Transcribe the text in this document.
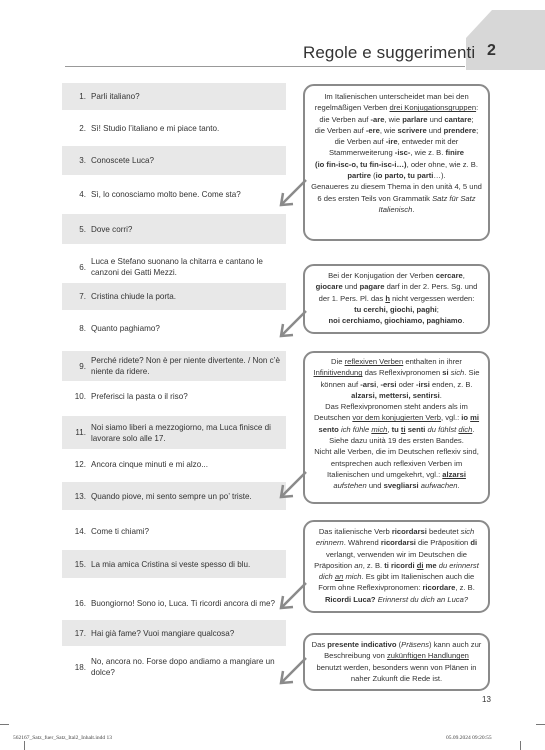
2
Regole e suggerimenti
1. Parli italiano?
2. Sì! Studio l’italiano e mi piace tanto.
3. Conoscete Luca?
4. Sì, lo conosciamo molto bene. Come sta?
5. Dove corri?
6.
Luca e Stefano suonano la chitarra e cantano le canzoni dei Gatti Mezzi.
7. Cristina chiude la porta.
8. Quanto paghiamo?
9.
Perché ridete? Non è per niente divertente. / Non c’è niente da ridere.
10. Preferisci la pasta o il riso?
11.
Noi siamo liberi a mezzogiorno, ma Luca finisce di lavorare solo alle 17.
12. Ancora cinque minuti e mi alzo...
13. Quando piove, mi sento sempre un po’ triste.
14. Come ti chiami?
15. La mia amica Cristina si veste spesso di blu.
16. Buongiorno! Sono io, Luca. Ti ricordi ancora di me?
17. Hai già fame? Vuoi mangiare qualcosa?
18.
No, ancora no. Forse dopo andiamo a mangiare un dolce?
Im Italienischen unterscheidet man bei den regelmäßigen Verben drei Konjugationsgruppen:
die Verben auf -are, wie parlare und cantare;
die Verben auf -ere, wie scrivere und prendere;
die Verben auf -ire, entweder mit der Stammerweiterung -isc-, wie z. B. finire
(io fin-isc-o, tu fin-isc-i…), oder ohne, wie z. B.
partire (io parto, tu parti…).
Genaueres zu diesem Thema in den unità 4, 5 und 6 des ersten Teils von Grammatik Satz für Satz Italienisch.
Bei der Konjugation der Verben cercare,
giocare und pagare darf in der 2. Pers. Sg. und der 1. Pers. Pl. das h nicht vergessen werden:
tu cerchi, giochi, paghi;
noi cerchiamo, giochiamo, paghiamo.
Die reflexiven Verben enthalten in ihrer Infinitivendung das Reflexivpronomen si sich. Sie können auf -arsi, -ersi oder -irsi enden, z. B. alzarsi, mettersi, sentirsi.
Das Reflexivpronomen steht anders als im Deutschen vor dem konjugierten Verb, vgl.: io mi sento ich fühle mich, tu ti senti du fühlst dich.
Siehe dazu unità 19 des ersten Bandes.
Nicht alle Verben, die im Deutschen reflexiv sind, entsprechen auch reflexiven Verben im Italienischen und umgekehrt, vgl.: alzarsi aufstehen und svegliarsi aufwachen.
Das italienische Verb ricordarsi bedeutet sich erinnern. Während ricordarsi die Präposition di verlangt, verwenden wir im Deutschen die Präposition an, z. B. ti ricordi di me du erinnerst dich an mich. Es gibt im Italienischen auch die Form ohne Reflexivpronomen: ricordare, z. B. Ricordi Luca? Erinnerst du dich an Luca?
Das presente indicativo (Präsens) kann auch zur Beschreibung von zukünftigen Handlungen benutzt werden, besonders wenn von Plänen in naher Zukunft die Rede ist.
13
562167_Satz_fuer_Satz_Ital2_Inhalt.indd 13	05.09.2024 09:20:55
